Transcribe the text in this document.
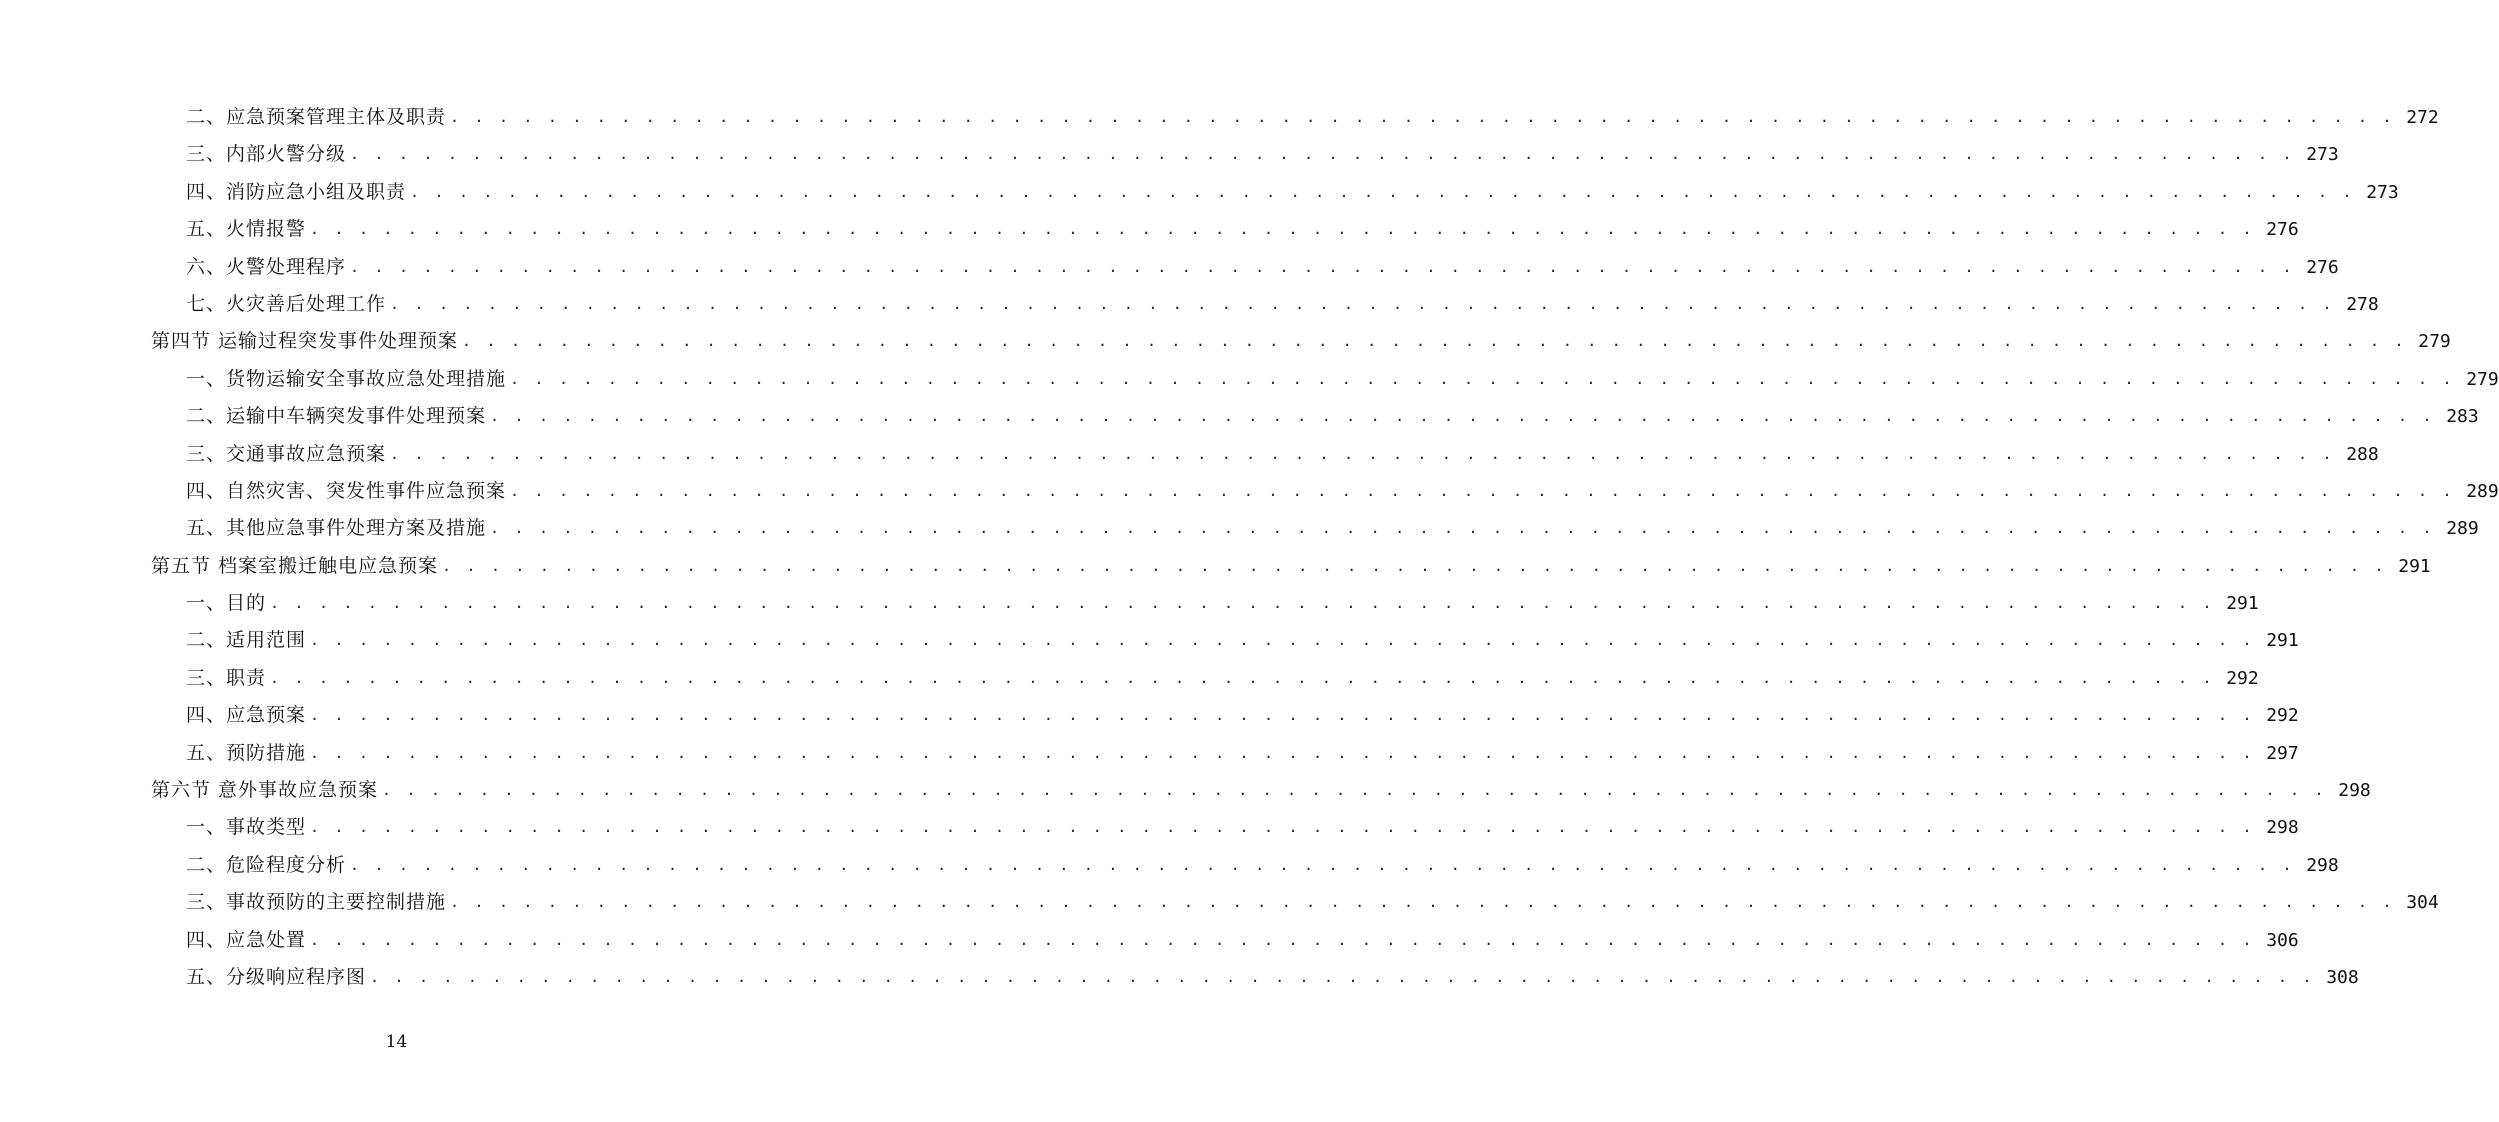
二、应急预案管理主体及职责 . . . . . . . . . . . . . . . . . . . . . . . . . . . . . . . . . . . . . . . . . . . . . . . . . . . . . . . . . . . . . . . . . . . . . . . . . . . . . . . . 272
三、内部火警分级 . . . . . . . . . . . . . . . . . . . . . . . . . . . . . . . . . . . . . . . . . . . . . . . . . . . . . . . . . . . . . . . . . . . . . . . . . . . . . . . . 273
四、消防应急小组及职责 . . . . . . . . . . . . . . . . . . . . . . . . . . . . . . . . . . . . . . . . . . . . . . . . . . . . . . . . . . . . . . . . . . . . . . . . . . . . . . . . 273
五、火情报警 . . . . . . . . . . . . . . . . . . . . . . . . . . . . . . . . . . . . . . . . . . . . . . . . . . . . . . . . . . . . . . . . . . . . . . . . . . . . . . . . 276
六、火警处理程序 . . . . . . . . . . . . . . . . . . . . . . . . . . . . . . . . . . . . . . . . . . . . . . . . . . . . . . . . . . . . . . . . . . . . . . . . . . . . . . . . 276
七、火灾善后处理工作 . . . . . . . . . . . . . . . . . . . . . . . . . . . . . . . . . . . . . . . . . . . . . . . . . . . . . . . . . . . . . . . . . . . . . . . . . . . . . . . . 278
第四节 运输过程突发事件处理预案 . . . . . . . . . . . . . . . . . . . . . . . . . . . . . . . . . . . . . . . . . . . . . . . . . . . . . . . . . . . . . . . . . . . . . . . . . . . . . . . . 279
一、货物运输安全事故应急处理措施 . . . . . . . . . . . . . . . . . . . . . . . . . . . . . . . . . . . . . . . . . . . . . . . . . . . . . . . . . . . . . . . . . . . . . . . . . . . . . . . . 279
二、运输中车辆突发事件处理预案 . . . . . . . . . . . . . . . . . . . . . . . . . . . . . . . . . . . . . . . . . . . . . . . . . . . . . . . . . . . . . . . . . . . . . . . . . . . . . . . . 283
三、交通事故应急预案 . . . . . . . . . . . . . . . . . . . . . . . . . . . . . . . . . . . . . . . . . . . . . . . . . . . . . . . . . . . . . . . . . . . . . . . . . . . . . . . . 288
四、自然灾害、突发性事件应急预案 . . . . . . . . . . . . . . . . . . . . . . . . . . . . . . . . . . . . . . . . . . . . . . . . . . . . . . . . . . . . . . . . . . . . . . . . . . . . . . . . 289
五、其他应急事件处理方案及措施 . . . . . . . . . . . . . . . . . . . . . . . . . . . . . . . . . . . . . . . . . . . . . . . . . . . . . . . . . . . . . . . . . . . . . . . . . . . . . . . . 289
第五节 档案室搬迁触电应急预案 . . . . . . . . . . . . . . . . . . . . . . . . . . . . . . . . . . . . . . . . . . . . . . . . . . . . . . . . . . . . . . . . . . . . . . . . . . . . . . . . 291
一、目的 . . . . . . . . . . . . . . . . . . . . . . . . . . . . . . . . . . . . . . . . . . . . . . . . . . . . . . . . . . . . . . . . . . . . . . . . . . . . . . . . 291
二、适用范围 . . . . . . . . . . . . . . . . . . . . . . . . . . . . . . . . . . . . . . . . . . . . . . . . . . . . . . . . . . . . . . . . . . . . . . . . . . . . . . . . 291
三、职责 . . . . . . . . . . . . . . . . . . . . . . . . . . . . . . . . . . . . . . . . . . . . . . . . . . . . . . . . . . . . . . . . . . . . . . . . . . . . . . . . 292
四、应急预案 . . . . . . . . . . . . . . . . . . . . . . . . . . . . . . . . . . . . . . . . . . . . . . . . . . . . . . . . . . . . . . . . . . . . . . . . . . . . . . . . 292
五、预防措施 . . . . . . . . . . . . . . . . . . . . . . . . . . . . . . . . . . . . . . . . . . . . . . . . . . . . . . . . . . . . . . . . . . . . . . . . . . . . . . . . 297
第六节 意外事故应急预案 . . . . . . . . . . . . . . . . . . . . . . . . . . . . . . . . . . . . . . . . . . . . . . . . . . . . . . . . . . . . . . . . . . . . . . . . . . . . . . . . 298
一、事故类型 . . . . . . . . . . . . . . . . . . . . . . . . . . . . . . . . . . . . . . . . . . . . . . . . . . . . . . . . . . . . . . . . . . . . . . . . . . . . . . . . 298
二、危险程度分析 . . . . . . . . . . . . . . . . . . . . . . . . . . . . . . . . . . . . . . . . . . . . . . . . . . . . . . . . . . . . . . . . . . . . . . . . . . . . . . . . 298
三、事故预防的主要控制措施 . . . . . . . . . . . . . . . . . . . . . . . . . . . . . . . . . . . . . . . . . . . . . . . . . . . . . . . . . . . . . . . . . . . . . . . . . . . . . . . . 304
四、应急处置 . . . . . . . . . . . . . . . . . . . . . . . . . . . . . . . . . . . . . . . . . . . . . . . . . . . . . . . . . . . . . . . . . . . . . . . . . . . . . . . . 306
五、分级响应程序图 . . . . . . . . . . . . . . . . . . . . . . . . . . . . . . . . . . . . . . . . . . . . . . . . . . . . . . . . . . . . . . . . . . . . . . . . . . . . . . . . 308
14
